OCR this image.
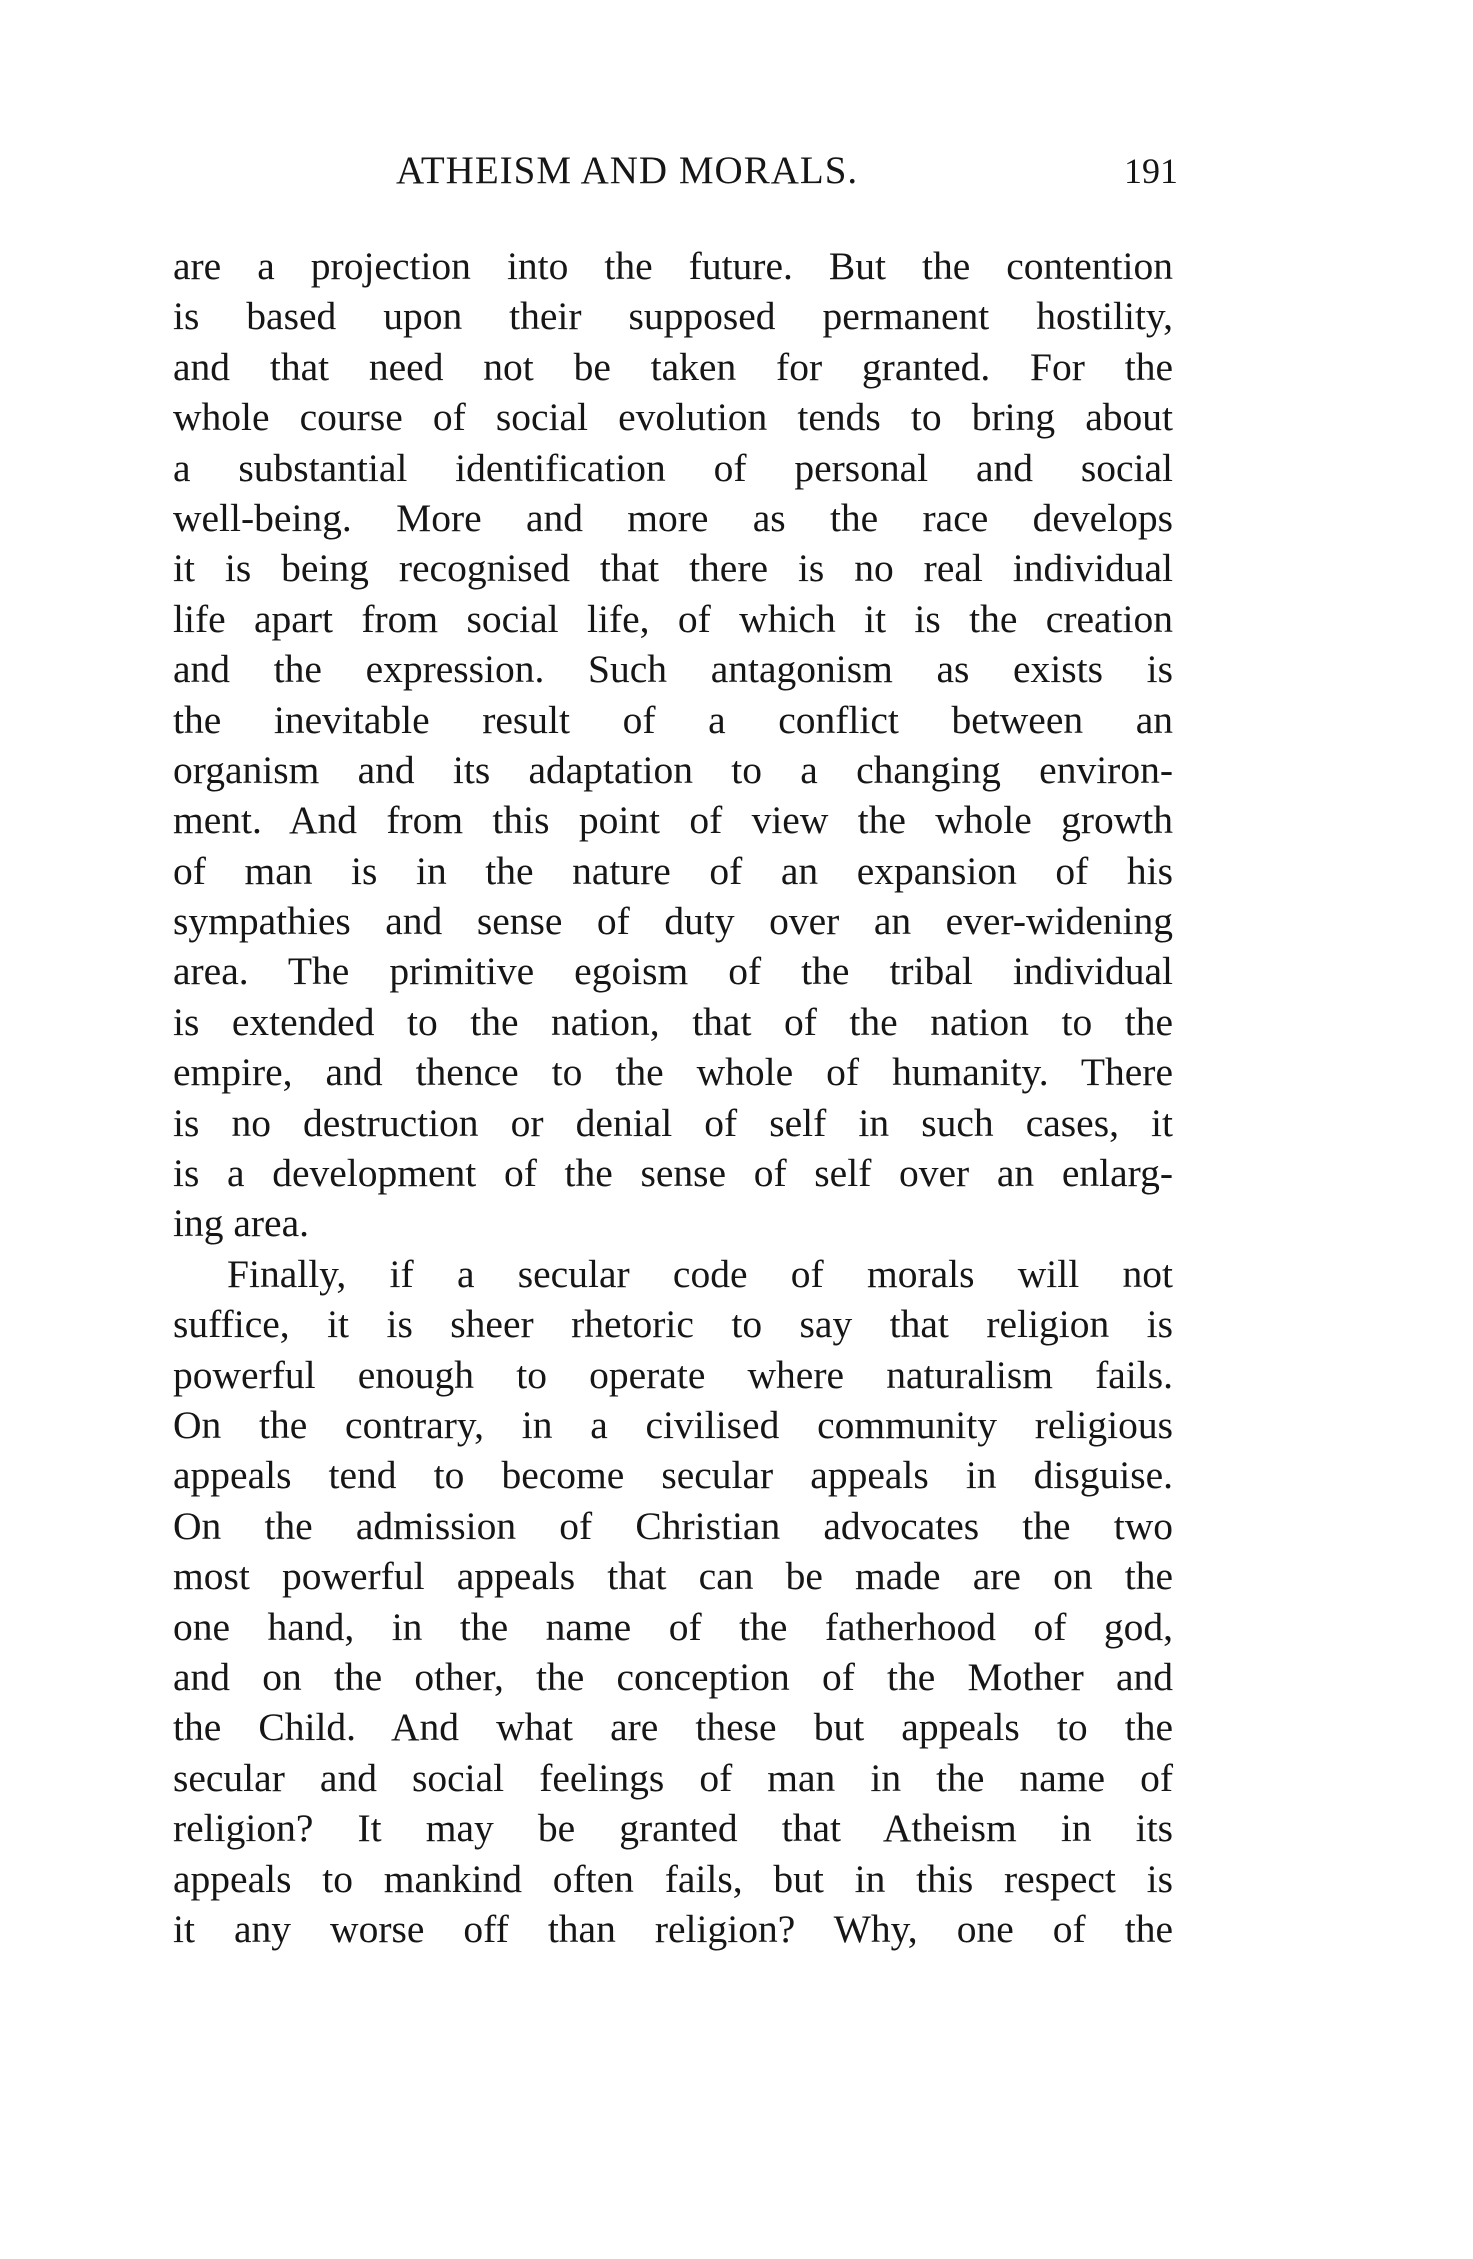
ATHEISM AND MORALS.	191
are a projection into the future. But the contention
is based upon their supposed permanent hostility,
and that need not be taken for granted. For the
whole course of social evolution tends to bring about
a substantial identification of personal and social
well-being. More and more as the race develops
it is being recognised that there is no real individual
life apart from social life, of which it is the creation
and the expression. Such antagonism as exists is
the inevitable result of a conflict between an
organism and its adaptation to a changing environ-
ment. And from this point of view the whole growth
of man is in the nature of an expansion of his
sympathies and sense of duty over an ever-widening
area. The primitive egoism of the tribal individual
is extended to the nation, that of the nation to the
empire, and thence to the whole of humanity. There
is no destruction or denial of self in such cases, it
is a development of the sense of self over an enlarg-
ing area.
Finally, if a secular code of morals will not
suffice, it is sheer rhetoric to say that religion is
powerful enough to operate where naturalism fails.
On the contrary, in a civilised community religious
appeals tend to become secular appeals in disguise.
On the admission of Christian advocates the two
most powerful appeals that can be made are on the
one hand, in the name of the fatherhood of god,
and on the other, the conception of the Mother and
the Child. And what are these but appeals to the
secular and social feelings of man in the name of
religion? It may be granted that Atheism in its
appeals to mankind often fails, but in this respect is
it any worse off than religion? Why, one of the
